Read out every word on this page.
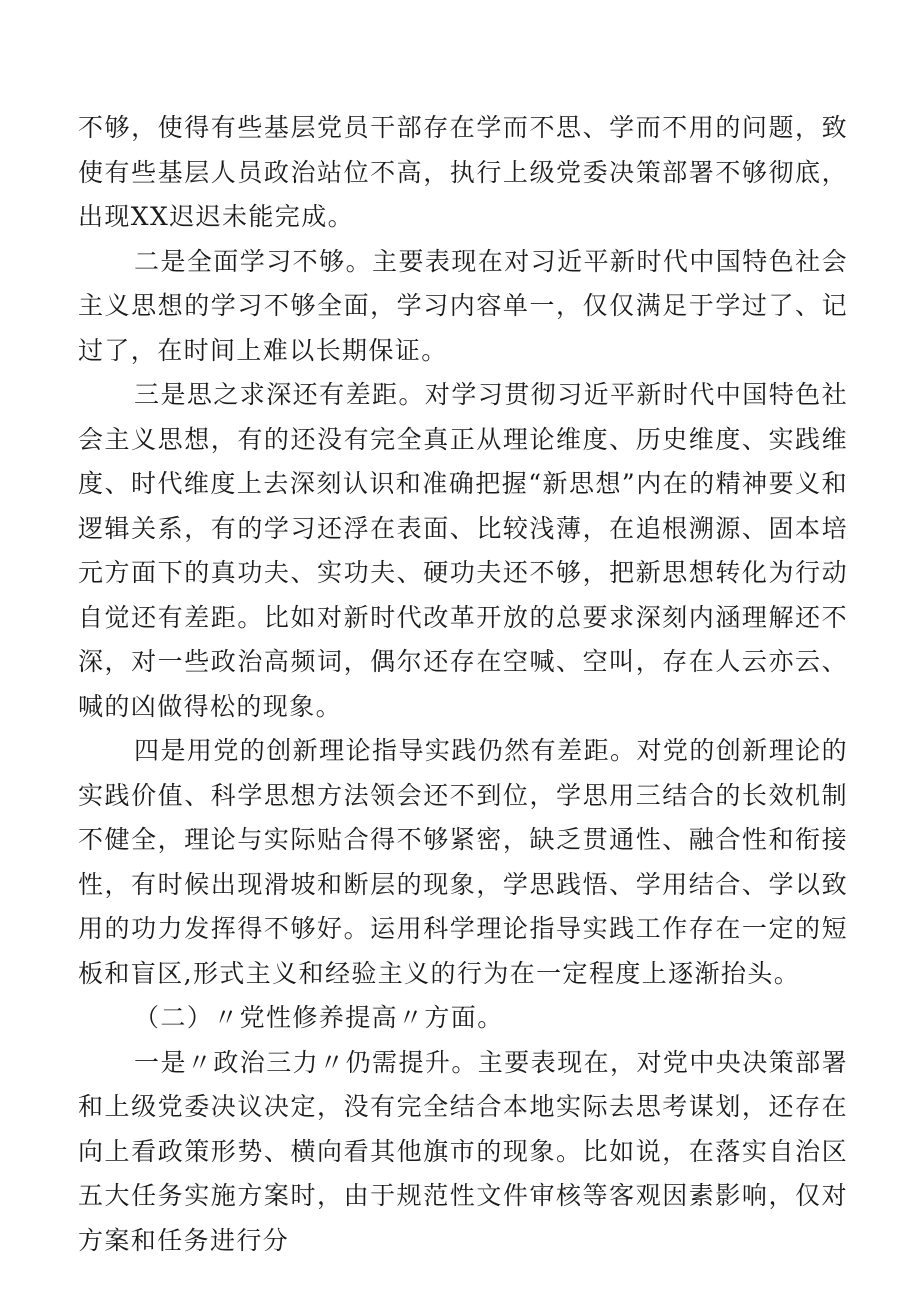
不够，使得有些基层党员干部存在学而不思、学而不用的问题，致使有些基层人员政治站位不高，执行上级党委决策部署不够彻底，出现XX迟迟未能完成。

二是全面学习不够。主要表现在对习近平新时代中国特色社会主义思想的学习不够全面，学习内容单一，仅仅满足于学过了、记过了，在时间上难以长期保证。

三是思之求深还有差距。对学习贯彻习近平新时代中国特色社会主义思想，有的还没有完全真正从理论维度、历史维度、实践维度、时代维度上去深刻认识和准确把握“新思想”内在的精神要义和逻辑关系，有的学习还浮在表面、比较浅薄，在追根溯源、固本培元方面下的真功夫、实功夫、硬功夫还不够，把新思想转化为行动自觉还有差距。比如对新时代改革开放的总要求深刻内涵理解还不深，对一些政治高频词，偶尔还存在空喊、空叫，存在人云亦云、喊的凶做得松的现象。

四是用党的创新理论指导实践仍然有差距。对党的创新理论的实践价值、科学思想方法领会还不到位，学思用三结合的长效机制不健全，理论与实际贴合得不够紧密，缺乏贯通性、融合性和衔接性，有时候出现滑坡和断层的现象，学思践悟、学用结合、学以致用的功力发挥得不够好。运用科学理论指导实践工作存在一定的短板和盲区,形式主义和经验主义的行为在一定程度上逐渐抬头。

（二）〃党性修养提高〃方面。

一是〃政治三力〃仍需提升。主要表现在，对党中央决策部署和上级党委决议决定，没有完全结合本地实际去思考谋划，还存在向上看政策形势、横向看其他旗市的现象。比如说，在落实自治区五大任务实施方案时，由于规范性文件审核等客观因素影响，仅对方案和任务进行分
